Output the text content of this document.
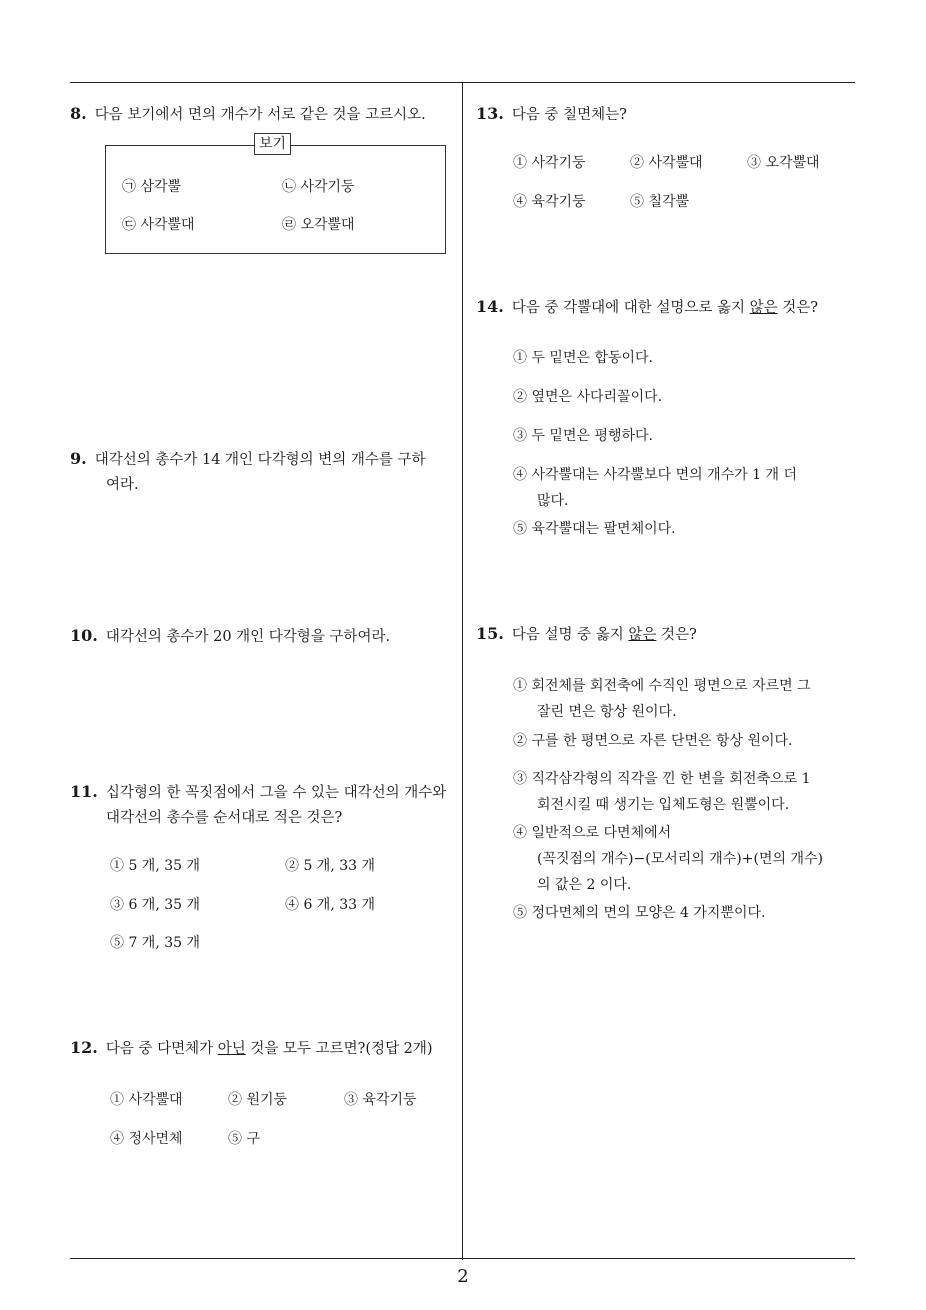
8. 다음 보기에서 면의 개수가 서로 같은 것을 고르시오.
보기
㉠ 삼각뿔	㉡ 사각기둥
㉢ 사각뿔대	㉣ 오각뿔대
9. 대각선의 총수가 14 개인 다각형의 변의 개수를 구하
여라.
10. 대각선의 총수가 20 개인 다각형을 구하여라.
11. 십각형의 한 꼭짓점에서 그을 수 있는 대각선의 개수와
대각선의 총수를 순서대로 적은 것은?
① 5 개, 35 개	② 5 개, 33 개
③ 6 개, 35 개	④ 6 개, 33 개
⑤ 7 개, 35 개
12. 다음 중 다면체가 아닌 것을 모두 고르면?(정답 2개)
① 사각뿔대	② 원기둥	③ 육각기둥
④ 정사면체	⑤ 구
13. 다음 중 칠면체는?
① 사각기둥	② 사각뿔대	③ 오각뿔대
④ 육각기둥	⑤ 칠각뿔
14. 다음 중 각뿔대에 대한 설명으로 옳지 않은 것은?
① 두 밑면은 합동이다.
② 옆면은 사다리꼴이다.
③ 두 밑면은 평행하다.
④ 사각뿔대는 사각뿔보다 면의 개수가 1 개 더
많다.
⑤ 육각뿔대는 팔면체이다.
15. 다음 설명 중 옳지 않은 것은?
① 회전체를 회전축에 수직인 평면으로 자르면 그
잘린 면은 항상 원이다.
② 구를 한 평면으로 자른 단면은 항상 원이다.
③ 직각삼각형의 직각을 낀 한 변을 회전축으로 1
회전시킬 때 생기는 입체도형은 원뿔이다.
④ 일반적으로 다면체에서
(꼭짓점의 개수)−(모서리의 개수)+(면의 개수)
의 값은 2 이다.
⑤ 정다면체의 면의 모양은 4 가지뿐이다.
2
